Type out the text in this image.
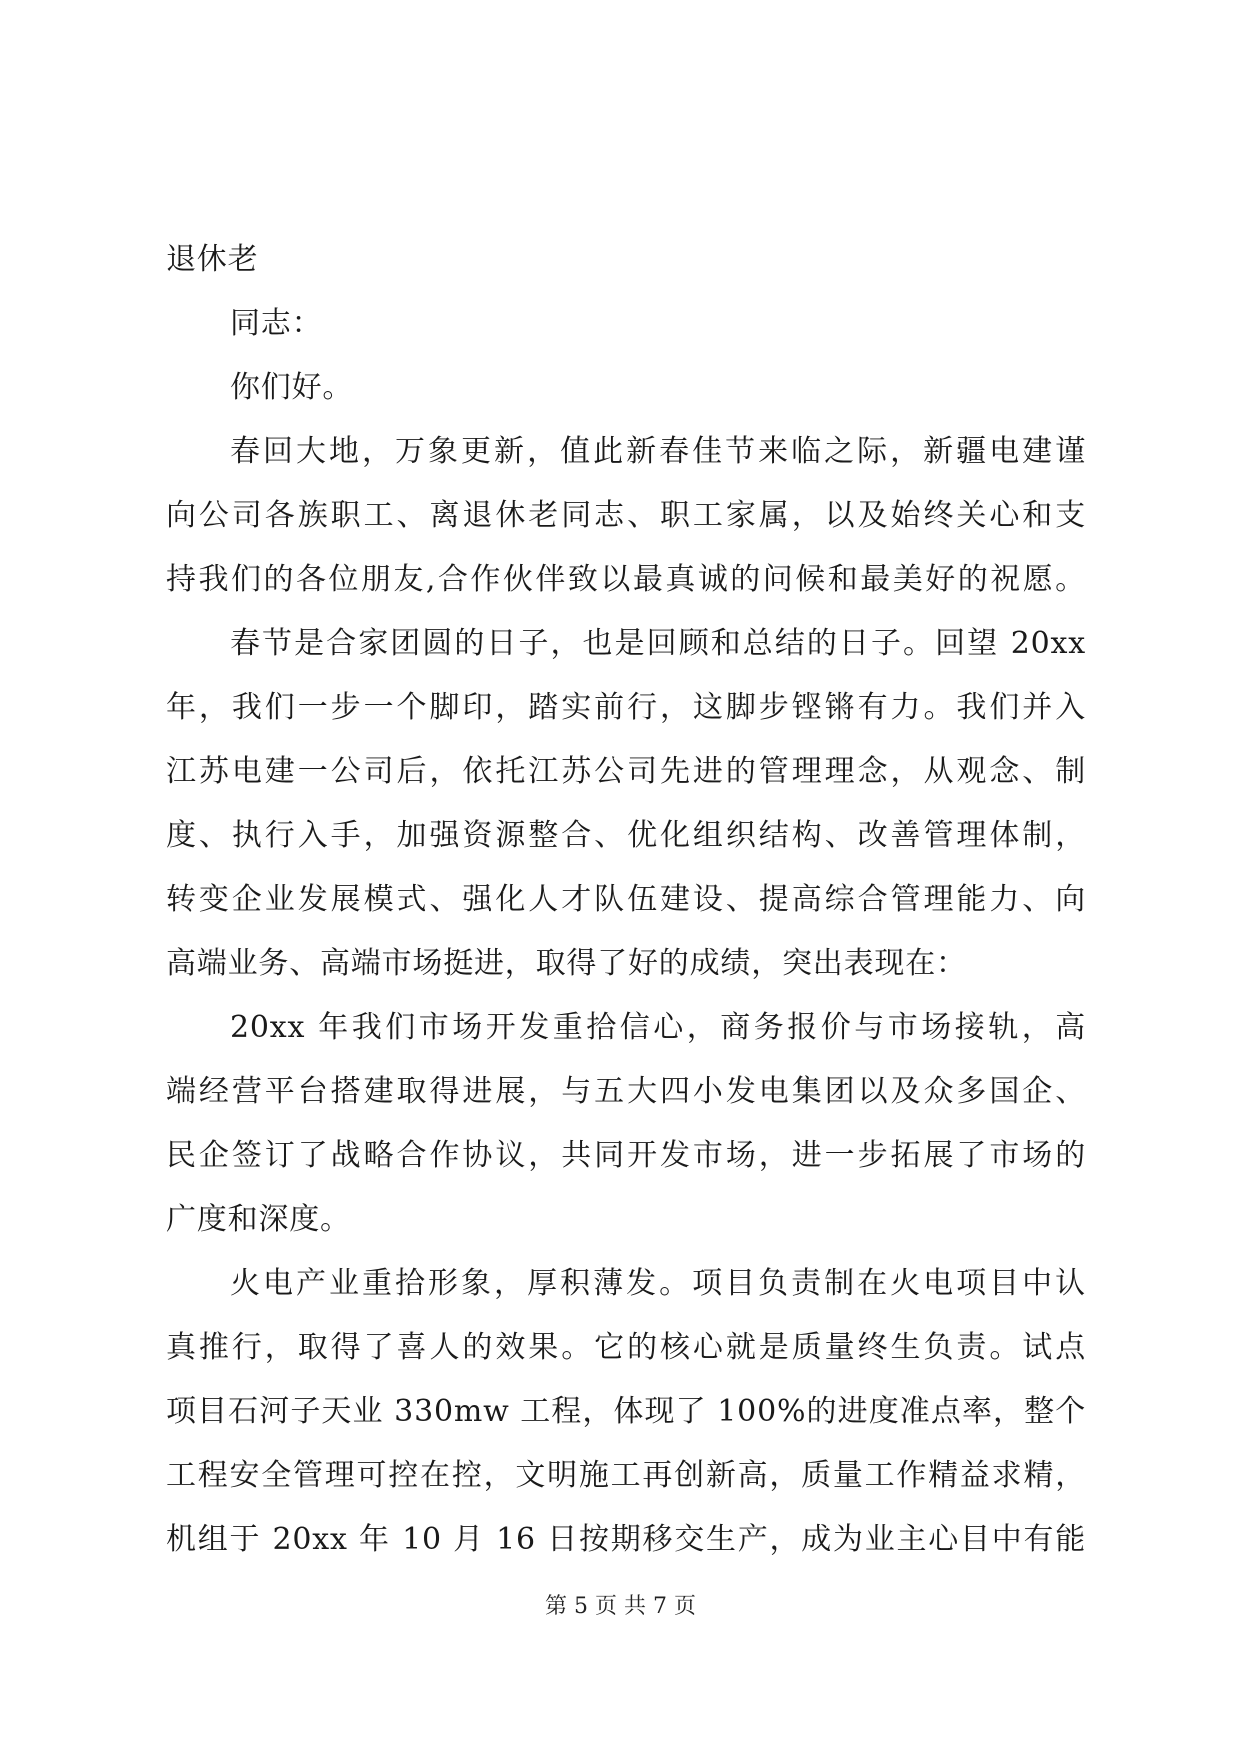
退休老
同志：
你们好。
春回大地，万象更新，值此新春佳节来临之际，新疆电建谨
向公司各族职工、离退休老同志、职工家属，以及始终关心和支
持我们的各位朋友,合作伙伴致以最真诚的问候和最美好的祝愿。
春节是合家团圆的日子，也是回顾和总结的日子。回望 20xx
年，我们一步一个脚印，踏实前行，这脚步铿锵有力。我们并入
江苏电建一公司后，依托江苏公司先进的管理理念，从观念、制
度、执行入手，加强资源整合、优化组织结构、改善管理体制，
转变企业发展模式、强化人才队伍建设、提高综合管理能力、向
高端业务、高端市场挺进，取得了好的成绩，突出表现在：
20xx 年我们市场开发重拾信心，商务报价与市场接轨，高
端经营平台搭建取得进展，与五大四小发电集团以及众多国企、
民企签订了战略合作协议，共同开发市场，进一步拓展了市场的
广度和深度。
火电产业重拾形象，厚积薄发。项目负责制在火电项目中认
真推行，取得了喜人的效果。它的核心就是质量终生负责。试点
项目石河子天业 330mw 工程，体现了 100%的进度准点率，整个
工程安全管理可控在控，文明施工再创新高，质量工作精益求精，
机组于 20xx 年 10 月 16 日按期移交生产，成为业主心目中有能
第 5 页 共 7 页
